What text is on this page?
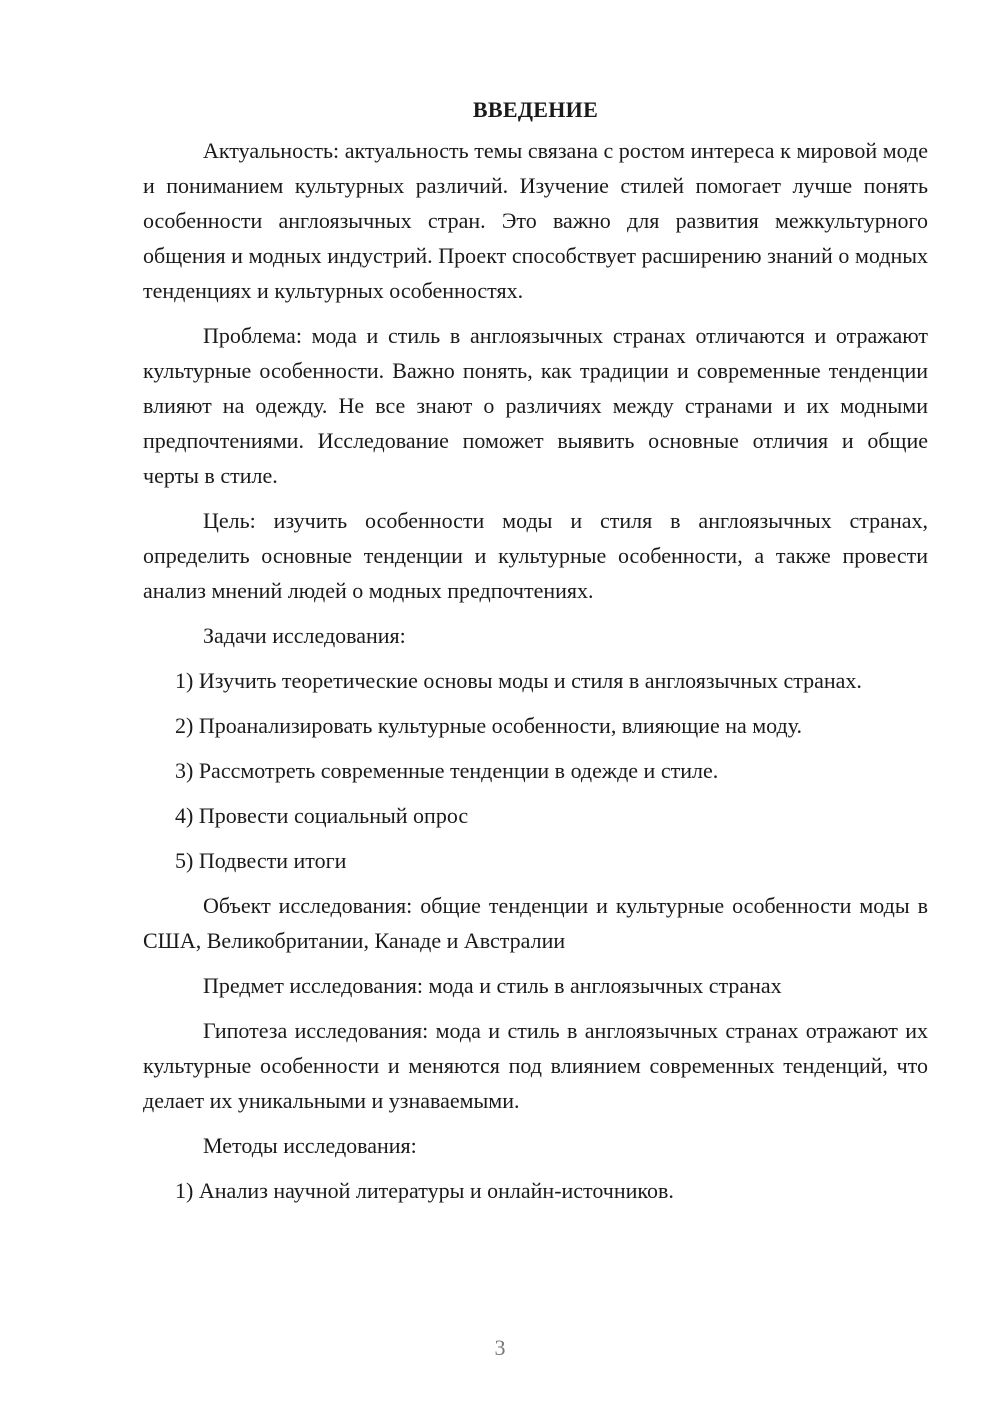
ВВЕДЕНИЕ

Актуальность: актуальность темы связана с ростом интереса к мировой моде и пониманием культурных различий. Изучение стилей помогает лучше понять особенности англоязычных стран. Это важно для развития межкультурного общения и модных индустрий. Проект способствует расширению знаний о модных тенденциях и культурных особенностях.

Проблема: мода и стиль в англоязычных странах отличаются и отражают культурные особенности. Важно понять, как традиции и современные тенденции влияют на одежду. Не все знают о различиях между странами и их модными предпочтениями. Исследование поможет выявить основные отличия и общие черты в стиле.

Цель: изучить особенности моды и стиля в англоязычных странах, определить основные тенденции и культурные особенности, а также провести анализ мнений людей о модных предпочтениях.

Задачи исследования:

1) Изучить теоретические основы моды и стиля в англоязычных странах.

2) Проанализировать культурные особенности, влияющие на моду.

3) Рассмотреть современные тенденции в одежде и стиле.

4) Провести социальный опрос

5) Подвести итоги

Объект исследования: общие тенденции и культурные особенности моды в США, Великобритании, Канаде и Австралии

Предмет исследования: мода и стиль в англоязычных странах

Гипотеза исследования: мода и стиль в англоязычных странах отражают их культурные особенности и меняются под влиянием современных тенденций, что делает их уникальными и узнаваемыми.

Методы исследования:

1) Анализ научной литературы и онлайн-источников.

3
